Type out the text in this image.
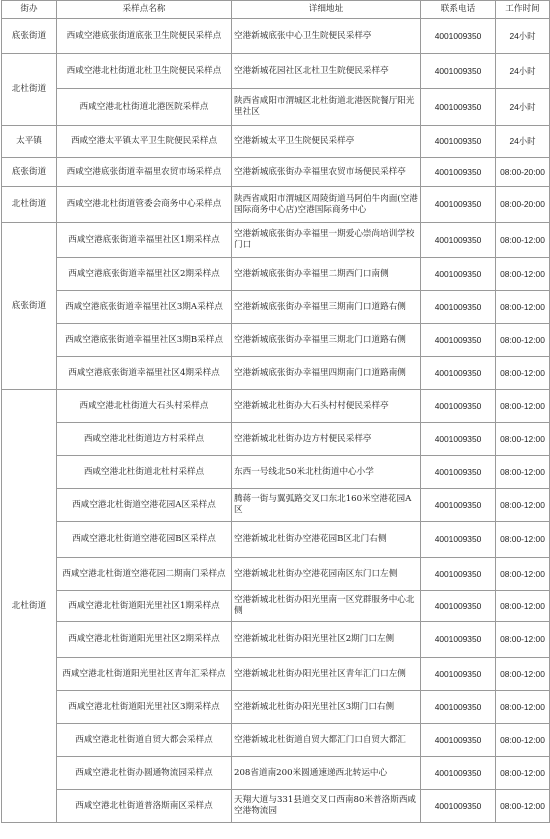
街办	采样点名称	详细地址	联系电话	工作时间
底张街道	西咸空港底张街道底张卫生院便民采样点	空港新城底张中心卫生院便民采样亭	4001009350	24小时
北杜街道	西咸空港北杜街道北杜卫生院便民采样点	空港新城花园社区北杜卫生院便民采样亭	4001009350	24小时
	西咸空港北杜街道北港医院采样点	陕西省咸阳市渭城区北杜街道北港医院餐厅阳光里社区	4001009350	24小时
太平镇	西咸空港太平镇太平卫生院便民采样点	空港新城太平卫生院便民采样亭	4001009350	24小时
底张街道	西咸空港底张街道幸福里农贸市场采样点	空港新城底张街办幸福里农贸市场便民采样亭	4001009350	08:00-20:00
北杜街道	西咸空港北杜街道管委会商务中心采样点	陕西省咸阳市渭城区周陵街道马阿伯牛肉面(空港国际商务中心店)空港国际商务中心	4001009350	08:00-20:00
底张街道	西咸空港底张街道幸福里社区1期采样点	空港新城底张街办幸福里一期爱心崇尚培训学校门口	4001009350	08:00-12:00
	西咸空港底张街道幸福里社区2期采样点	空港新城底张街办幸福里二期西门口南侧	4001009350	08:00-12:00
	西咸空港底张街道幸福里社区3期A采样点	空港新城底张街办幸福里三期南门口道路右侧	4001009350	08:00-12:00
	西咸空港底张街道幸福里社区3期B采样点	空港新城底张街办幸福里三期北门口道路右侧	4001009350	08:00-12:00
	西咸空港底张街道幸福里社区4期采样点	空港新城底张街办幸福里四期南门口道路南侧	4001009350	08:00-12:00
北杜街道	西咸空港北杜街道大石头村采样点	空港新城北杜街办大石头村村便民采样亭	4001009350	08:00-12:00
	西咸空港北杜街道边方村采样点	空港新城北杜街办边方村便民采样亭	4001009350	08:00-12:00
	西咸空港北杜街道北杜村采样点	东西一号线北50米北杜街道中心小学	4001009350	08:00-12:00
	西咸空港北杜街道空港花园A区采样点	腾蒋一街与翼弧路交叉口东北160米空港花园A区	4001009350	08:00-12:00
	西咸空港北杜街道空港花园B区采样点	空港新城北杜街办空港花园B区北门右侧	4001009350	08:00-12:00
	西咸空港北杜街道空港花园二期南门采样点	空港新城北杜街办空港花园南区东门口左侧	4001009350	08:00-12:00
	西咸空港北杜街道阳光里社区1期采样点	空港新城北杜街办阳光里南一区党群服务中心北侧	4001009350	08:00-12:00
	西咸空港北杜街道阳光里社区2期采样点	空港新城北杜街办阳光里社区2期门口左侧	4001009350	08:00-12:00
	西咸空港北杜街道阳光里社区青年汇采样点	空港新城北杜街办阳光里社区青年汇门口左侧	4001009350	08:00-12:00
	西咸空港北杜街道阳光里社区3期采样点	空港新城北杜街办阳光里社区3期门口右侧	4001009350	08:00-12:00
	西咸空港北杜街道自贸大都会采样点	空港新城北杜街道自贸大都汇门口自贸大都汇	4001009350	08:00-12:00
	西咸空港北杜街办圆通物流园采样点	208省道南200米圆通速递西北转运中心	4001009350	08:00-12:00
	西咸空港北杜街道普洛斯南区采样点	天翔大道与331县道交叉口西南80米普洛斯西咸空港物流园	4001009350	08:00-12:00
